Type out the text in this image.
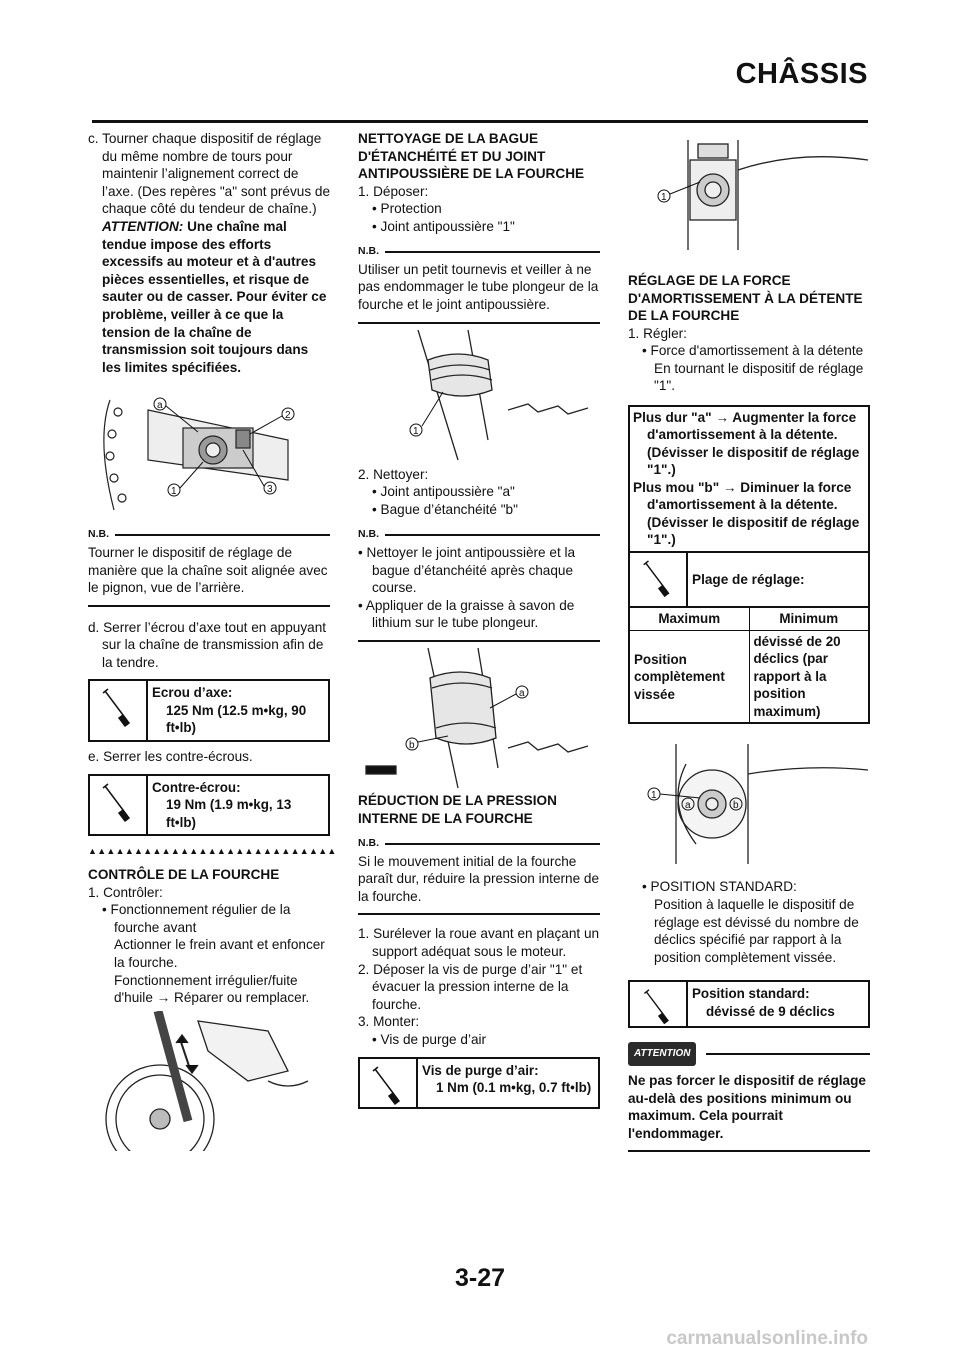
CHÂSSIS

c. Tourner chaque dispositif de réglage du même nombre de tours pour maintenir l’alignement correct de l’axe. (Des repères "a" sont prévus de chaque côté du tendeur de chaîne.) ATTENTION: Une chaîne mal tendue impose des efforts excessifs au moteur et à d'autres pièces essentielles, et risque de sauter ou de casser. Pour éviter ce problème, veiller à ce que la tension de la chaîne de transmission soit toujours dans les limites spécifiées.

a
2
1	3
N.B.

Tourner le dispositif de réglage de manière que la chaîne soit alignée avec le pignon, vue de l’arrière.

d. Serrer l’écrou d’axe tout en appuyant sur la chaîne de transmission afin de la tendre.

Ecrou d’axe:
125 Nm (12.5 m•kg, 90 ft•lb)

e. Serrer les contre-écrous.

Contre-écrou:
19 Nm (1.9 m•kg, 13 ft•lb)
▲▲▲▲▲▲▲▲▲▲▲▲▲▲▲▲▲▲▲▲▲▲▲▲▲▲▲

CONTRÔLE DE LA FOURCHE

1. Contrôler:

• Fonctionnement régulier de la fourche avant

Actionner le frein avant et enfoncer la fourche.

Fonctionnement irrégulier/fuite d'huile → Réparer ou remplacer.

NETTOYAGE DE LA BAGUE D'ÉTANCHÉITÉ ET DU JOINT ANTIPOUSSIÈRE DE LA FOURCHE

1. Déposer:

• Protection

• Joint antipoussière "1"

N.B.

Utiliser un petit tournevis et veiller à ne pas endommager le tube plongeur de la fourche et le joint antipoussière.

1

2. Nettoyer:

• Joint antipoussière "a"

• Bague d’étanchéité "b"

N.B.

• Nettoyer le joint antipoussière et la bague d’étanchéité après chaque course.

• Appliquer de la graisse à savon de lithium sur le tube plongeur.

a
b

RÉDUCTION DE LA PRESSION INTERNE DE LA FOURCHE

N.B.

Si le mouvement initial de la fourche paraît dur, réduire la pression interne de la fourche.

1. Surélever la roue avant en plaçant un support adéquat sous le moteur.

2. Déposer la vis de purge d’air "1" et évacuer la pression interne de la fourche.

3. Monter:

• Vis de purge d’air

Vis de purge d’air:
1 Nm (0.1 m•kg, 0.7 ft•lb)
1

RÉGLAGE DE LA FORCE D'AMORTISSEMENT À LA DÉTENTE DE LA FOURCHE

1. Régler:

• Force d'amortissement à la détente

En tournant le dispositif de réglage "1".

Plus dur "a" → Augmenter la force d'amortissement à la détente. (Dévisser le dispositif de réglage "1".)

Plus mou "b" → Diminuer la force d'amortissement à la détente. (Dévisser le dispositif de réglage "1".)

Plage de réglage:
Maximum	Minimum
Position complètement vissée	dévissé de 20 déclics (par rapport à la position maximum)
1
a	b

• POSITION STANDARD:

Position à laquelle le dispositif de réglage est dévissé du nombre de déclics spécifié par rapport à la position complètement vissée.

Position standard:
dévissé de 9 déclics
ATTENTION

Ne pas forcer le dispositif de réglage au-delà des positions minimum ou maximum. Cela pourrait l'endommager.

3-27
carmanualsonline.info
